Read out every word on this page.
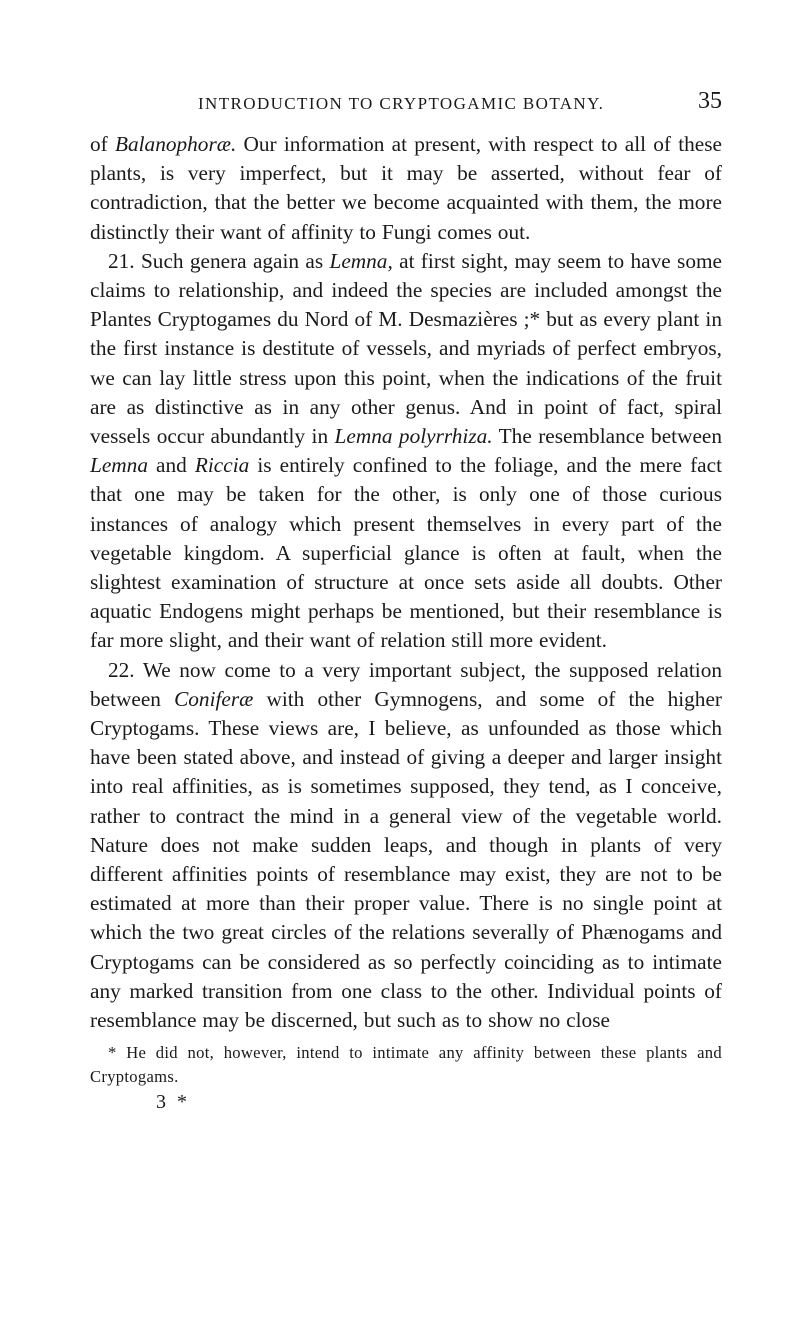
INTRODUCTION TO CRYPTOGAMIC BOTANY.	35

of Balanophoræ. Our information at present, with respect to all of these plants, is very imperfect, but it may be asserted, without fear of contradiction, that the better we become acquainted with them, the more distinctly their want of affinity to Fungi comes out.

21. Such genera again as Lemna, at first sight, may seem to have some claims to relationship, and indeed the species are included amongst the Plantes Cryptogames du Nord of M. Desmazières ;* but as every plant in the first instance is destitute of vessels, and myriads of perfect embryos, we can lay little stress upon this point, when the indications of the fruit are as distinctive as in any other genus. And in point of fact, spiral vessels occur abundantly in Lemna polyrrhiza. The resemblance between Lemna and Riccia is entirely confined to the foliage, and the mere fact that one may be taken for the other, is only one of those curious instances of analogy which present themselves in every part of the vegetable kingdom. A superficial glance is often at fault, when the slightest examination of structure at once sets aside all doubts. Other aquatic Endogens might perhaps be mentioned, but their resemblance is far more slight, and their want of relation still more evident.

22. We now come to a very important subject, the supposed relation between Coniferæ with other Gymnogens, and some of the higher Cryptogams. These views are, I believe, as unfounded as those which have been stated above, and instead of giving a deeper and larger insight into real affinities, as is sometimes supposed, they tend, as I conceive, rather to contract the mind in a general view of the vegetable world. Nature does not make sudden leaps, and though in plants of very different affinities points of resemblance may exist, they are not to be estimated at more than their proper value. There is no single point at which the two great circles of the relations severally of Phænogams and Cryptogams can be considered as so perfectly coinciding as to intimate any marked transition from one class to the other. Individual points of resemblance may be discerned, but such as to show no close

* He did not, however, intend to intimate any affinity between these plants and Cryptogams.

3 *
